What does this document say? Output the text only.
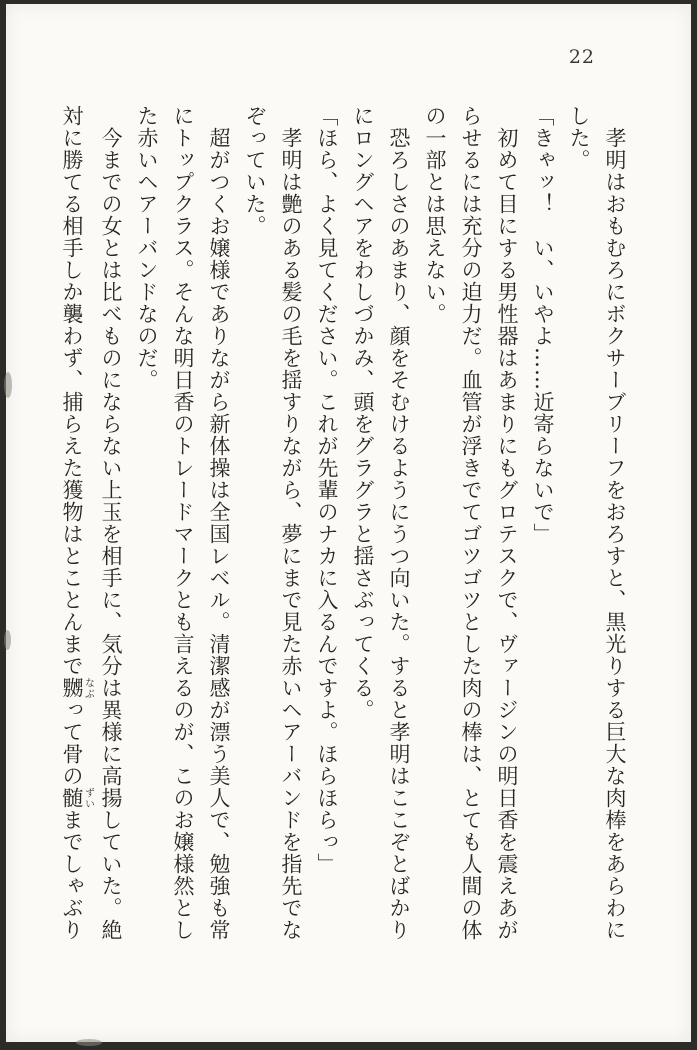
22
孝明はおもむろにボクサーブリーフをおろすと、黒光りする巨大な肉棒をあらわに
した。
「きゃッ！　い、いやよ……近寄らないで」
初めて目にする男性器はあまりにもグロテスクで、ヴァージンの明日香を震えあが
らせるには充分の迫力だ。血管が浮きでてゴツゴツとした肉の棒は、とても人間の体
の一部とは思えない。
恐ろしさのあまり、顔をそむけるようにうつ向いた。すると孝明はここぞとばかり
にロングヘアをわしづかみ、頭をグラグラと揺さぶってくる。
「ほら、よく見てください。これが先輩のナカに入るんですよ。ほらほらっ」
孝明は艶のある髪の毛を揺すりながら、夢にまで見た赤いヘアーバンドを指先でな
ぞっていた。
超がつくお嬢様でありながら新体操は全国レベル。清潔感が漂う美人で、勉強も常
にトップクラス。そんな明日香のトレードマークとも言えるのが、このお嬢様然とし
た赤いヘアーバンドなのだ。
今までの女とは比べものにならない上玉を相手に、気分は異様に高揚していた。絶
対に勝てる相手しか襲わず、捕らえた獲物はとことんまで嬲なぶって骨の髄ずいまでしゃぶり
